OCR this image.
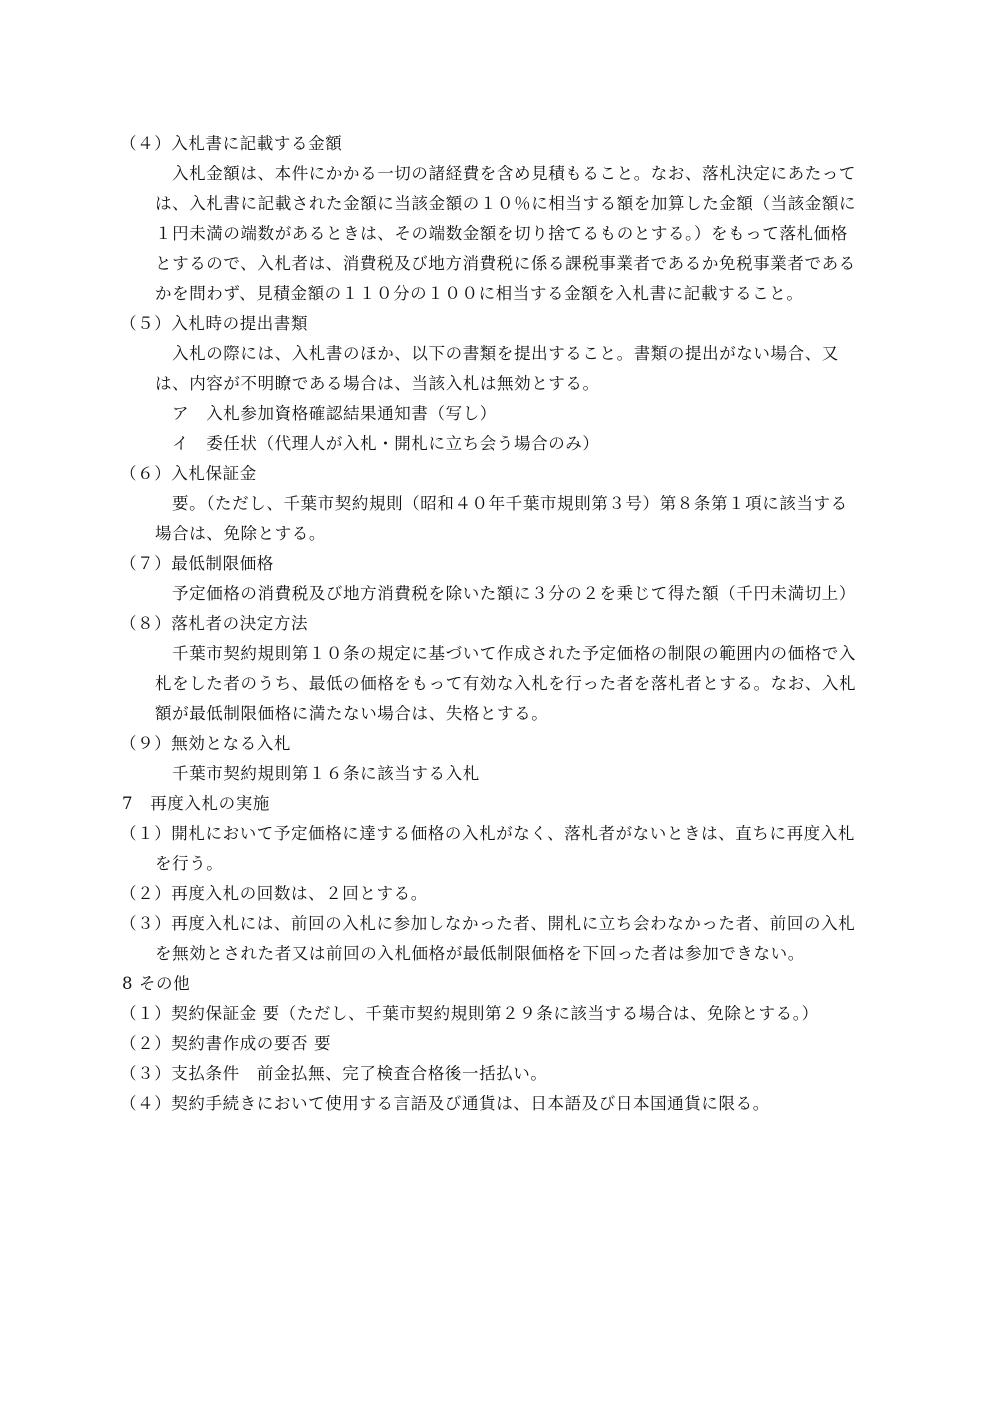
（４）入札書に記載する金額
入札金額は、本件にかかる一切の諸経費を含め見積もること。なお、落札決定にあたって
は、入札書に記載された金額に当該金額の１０％に相当する額を加算した金額（当該金額に
１円未満の端数があるときは、その端数金額を切り捨てるものとする。）をもって落札価格
とするので、入札者は、消費税及び地方消費税に係る課税事業者であるか免税事業者である
かを問わず、見積金額の１１０分の１００に相当する金額を入札書に記載すること。
（５）入札時の提出書類
入札の際には、入札書のほか、以下の書類を提出すること。書類の提出がない場合、又
は、内容が不明瞭である場合は、当該入札は無効とする。
ア　入札参加資格確認結果通知書（写し）
イ　委任状（代理人が入札・開札に立ち会う場合のみ）
（６）入札保証金
要。（ただし、千葉市契約規則（昭和４０年千葉市規則第３号）第８条第１項に該当する
場合は、免除とする。
（７）最低制限価格
予定価格の消費税及び地方消費税を除いた額に３分の２を乗じて得た額（千円未満切上）
（８）落札者の決定方法
千葉市契約規則第１０条の規定に基づいて作成された予定価格の制限の範囲内の価格で入
札をした者のうち、最低の価格をもって有効な入札を行った者を落札者とする。なお、入札
額が最低制限価格に満たない場合は、失格とする。
（９）無効となる入札
千葉市契約規則第１６条に該当する入札
7　再度入札の実施
（１）開札において予定価格に達する価格の入札がなく、落札者がないときは、直ちに再度入札
を行う。
（２）再度入札の回数は、２回とする。
（３）再度入札には、前回の入札に参加しなかった者、開札に立ち会わなかった者、前回の入札
を無効とされた者又は前回の入札価格が最低制限価格を下回った者は参加できない。
8 その他
（１）契約保証金 要（ただし、千葉市契約規則第２９条に該当する場合は、免除とする。）
（２）契約書作成の要否 要
（３）支払条件　前金払無、完了検査合格後一括払い。
（４）契約手続きにおいて使用する言語及び通貨は、日本語及び日本国通貨に限る。
